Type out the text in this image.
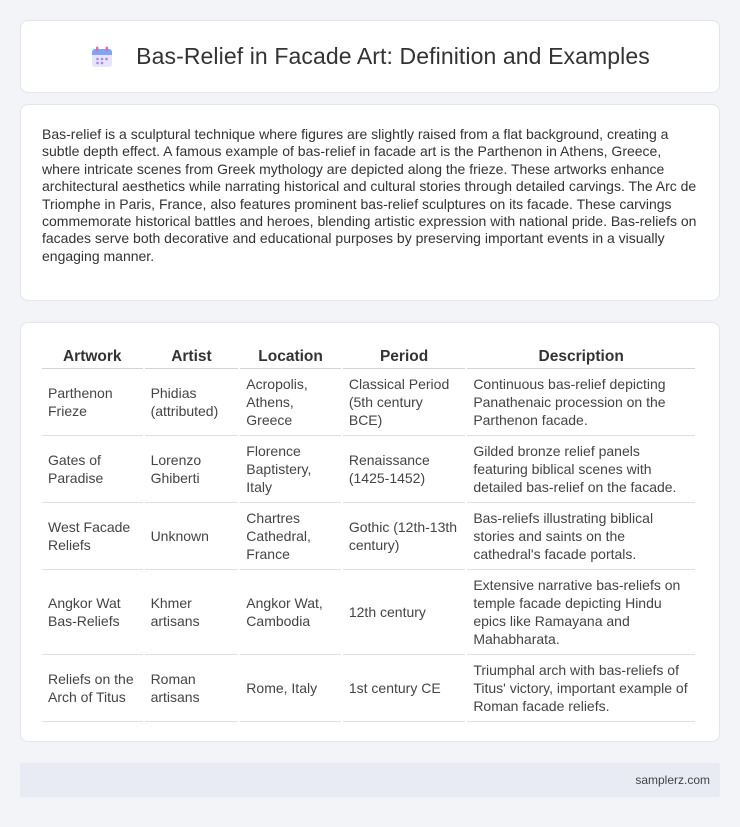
Bas-Relief in Facade Art: Definition and Examples

Bas-relief is a sculptural technique where figures are slightly raised from a flat background, creating a subtle depth effect. A famous example of bas-relief in facade art is the Parthenon in Athens, Greece, where intricate scenes from Greek mythology are depicted along the frieze. These artworks enhance architectural aesthetics while narrating historical and cultural stories through detailed carvings. The Arc de Triomphe in Paris, France, also features prominent bas-relief sculptures on its facade. These carvings commemorate historical battles and heroes, blending artistic expression with national pride. Bas-reliefs on facades serve both decorative and educational purposes by preserving important events in a visually engaging manner.

Artwork	Artist	Location	Period	Description
Parthenon Frieze	Phidias (attributed)	Acropolis, Athens, Greece	Classical Period (5th century BCE)	Continuous bas-relief depicting Panathenaic procession on the Parthenon facade.
Gates of Paradise	Lorenzo Ghiberti	Florence Baptistery, Italy	Renaissance (1425-1452)	Gilded bronze relief panels featuring biblical scenes with detailed bas-relief on the facade.
West Facade Reliefs	Unknown	Chartres Cathedral, France	Gothic (12th-13th century)	Bas-reliefs illustrating biblical stories and saints on the cathedral's facade portals.
Angkor Wat Bas-Reliefs	Khmer artisans	Angkor Wat, Cambodia	12th century	Extensive narrative bas-reliefs on temple facade depicting Hindu epics like Ramayana and Mahabharata.
Reliefs on the Arch of Titus	Roman artisans	Rome, Italy	1st century CE	Triumphal arch with bas-reliefs of Titus' victory, important example of Roman facade reliefs.
samplerz.com
